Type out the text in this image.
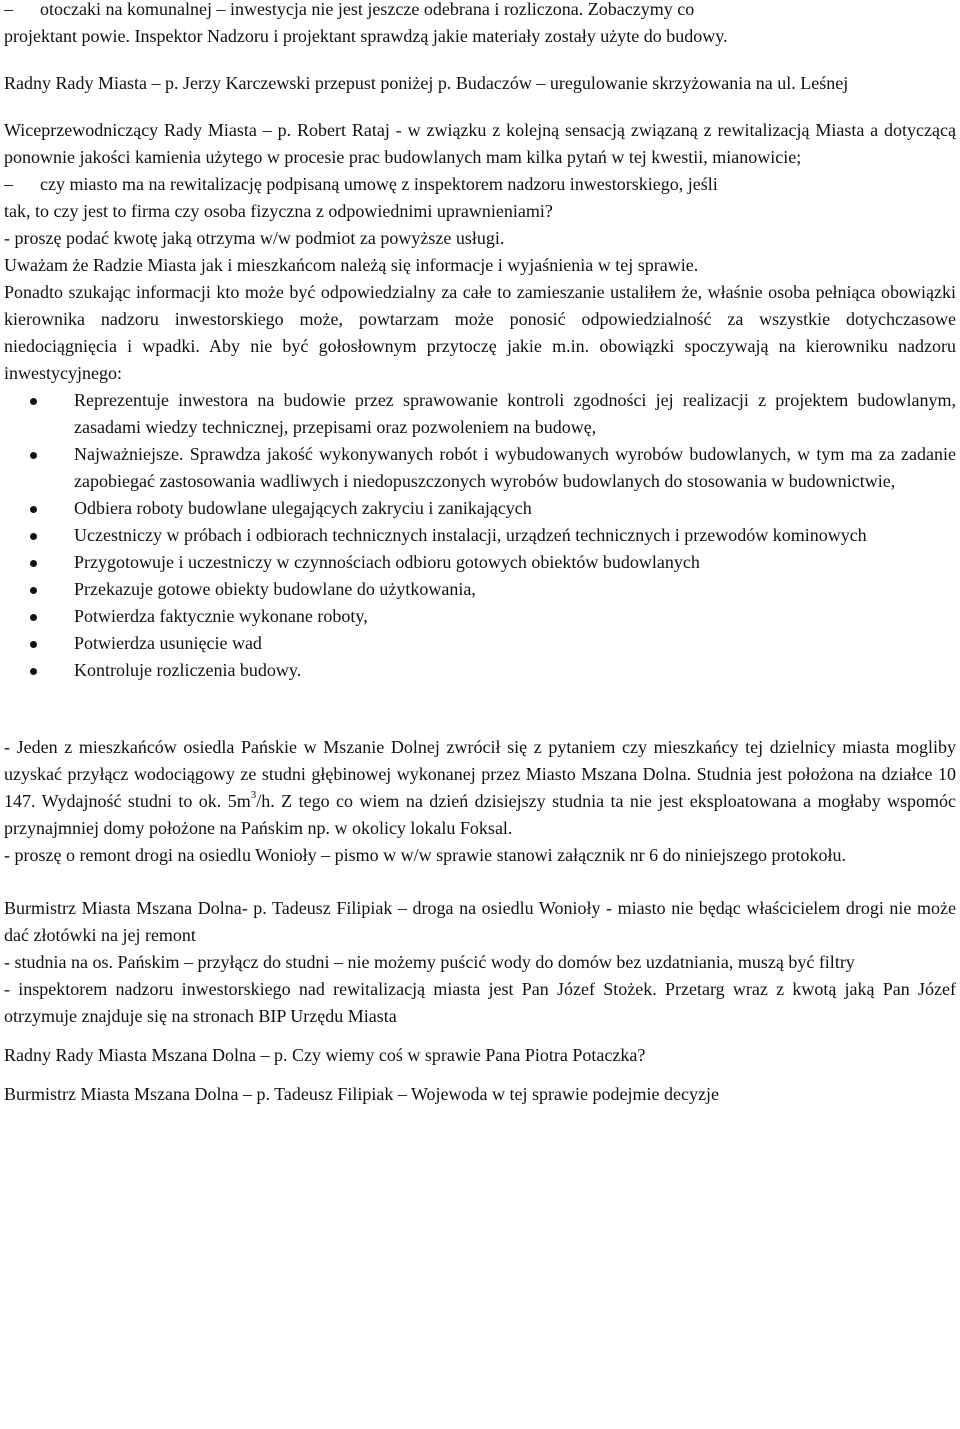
– otoczaki na komunalnej – inwestycja nie jest jeszcze odebrana i rozliczona. Zobaczymy co
projektant powie. Inspektor Nadzoru i projektant sprawdzą jakie materiały zostały użyte do budowy.

Radny Rady Miasta – p. Jerzy Karczewski przepust poniżej p. Budaczów – uregulowanie skrzyżowania na ul. Leśnej

Wiceprzewodniczący Rady Miasta – p. Robert Rataj - w związku z kolejną sensacją związaną z rewitalizacją Miasta a dotyczącą ponownie jakości kamienia użytego w procesie prac budowlanych mam kilka pytań w tej kwestii, mianowicie;

– czy miasto ma na rewitalizację podpisaną umowę z inspektorem nadzoru inwestorskiego, jeśli
tak, to czy jest to firma czy osoba fizyczna z odpowiednimi uprawnieniami?

- proszę podać kwotę jaką otrzyma w/w podmiot za powyższe usługi.

Uważam że Radzie Miasta jak i mieszkańcom należą się informacje i wyjaśnienia w tej sprawie.

Ponadto szukając informacji kto może być odpowiedzialny za całe to zamieszanie ustaliłem że, właśnie osoba pełniąca obowiązki kierownika nadzoru inwestorskiego może, powtarzam może ponosić odpowiedzialność za wszystkie dotychczasowe niedociągnięcia i wpadki. Aby nie być gołosłownym przytoczę jakie m.in. obowiązki spoczywają na kierowniku nadzoru inwestycyjnego:

Reprezentuje inwestora na budowie przez sprawowanie kontroli zgodności jej realizacji z projektem budowlanym, zasadami wiedzy technicznej, przepisami oraz pozwoleniem na budowę,
Najważniejsze. Sprawdza jakość wykonywanych robót i wybudowanych wyrobów budowlanych, w tym ma za zadanie zapobiegać zastosowania wadliwych i niedopuszczonych wyrobów budowlanych do stosowania w budownictwie,
Odbiera roboty budowlane ulegających zakryciu i zanikających
Uczestniczy w próbach i odbiorach technicznych instalacji, urządzeń technicznych i przewodów kominowych
Przygotowuje i uczestniczy w czynnościach odbioru gotowych obiektów budowlanych
Przekazuje gotowe obiekty budowlane do użytkowania,
Potwierdza faktycznie wykonane roboty,
Potwierdza usunięcie wad
Kontroluje rozliczenia budowy.

- Jeden z mieszkańców osiedla Pańskie w Mszanie Dolnej zwrócił się z pytaniem czy mieszkańcy tej dzielnicy miasta mogliby uzyskać przyłącz wodociągowy ze studni głębinowej wykonanej przez Miasto Mszana Dolna. Studnia jest położona na działce 10 147. Wydajność studni to ok. $5m^3/h$. Z tego co wiem na dzień dzisiejszy studnia ta nie jest eksploatowana a mogłaby wspomóc przynajmniej domy położone na Pańskim np. w okolicy lokalu Foksal.

- proszę o remont drogi na osiedlu Wonioły – pismo w w/w sprawie stanowi załącznik nr 6 do niniejszego protokołu.

Burmistrz Miasta Mszana Dolna- p. Tadeusz Filipiak – droga na osiedlu Wonioły - miasto nie będąc właścicielem drogi nie może dać złotówki na jej remont

- studnia na os. Pańskim – przyłącz do studni – nie możemy puścić wody do domów bez uzdatniania, muszą być filtry

- inspektorem nadzoru inwestorskiego nad rewitalizacją miasta jest Pan Józef Stożek. Przetarg wraz z kwotą jaką Pan Józef otrzymuje znajduje się na stronach BIP Urzędu Miasta

Radny Rady Miasta Mszana Dolna – p. Czy wiemy coś w sprawie Pana Piotra Potaczka?

Burmistrz Miasta Mszana Dolna – p. Tadeusz Filipiak – Wojewoda w tej sprawie podejmie decyzje
